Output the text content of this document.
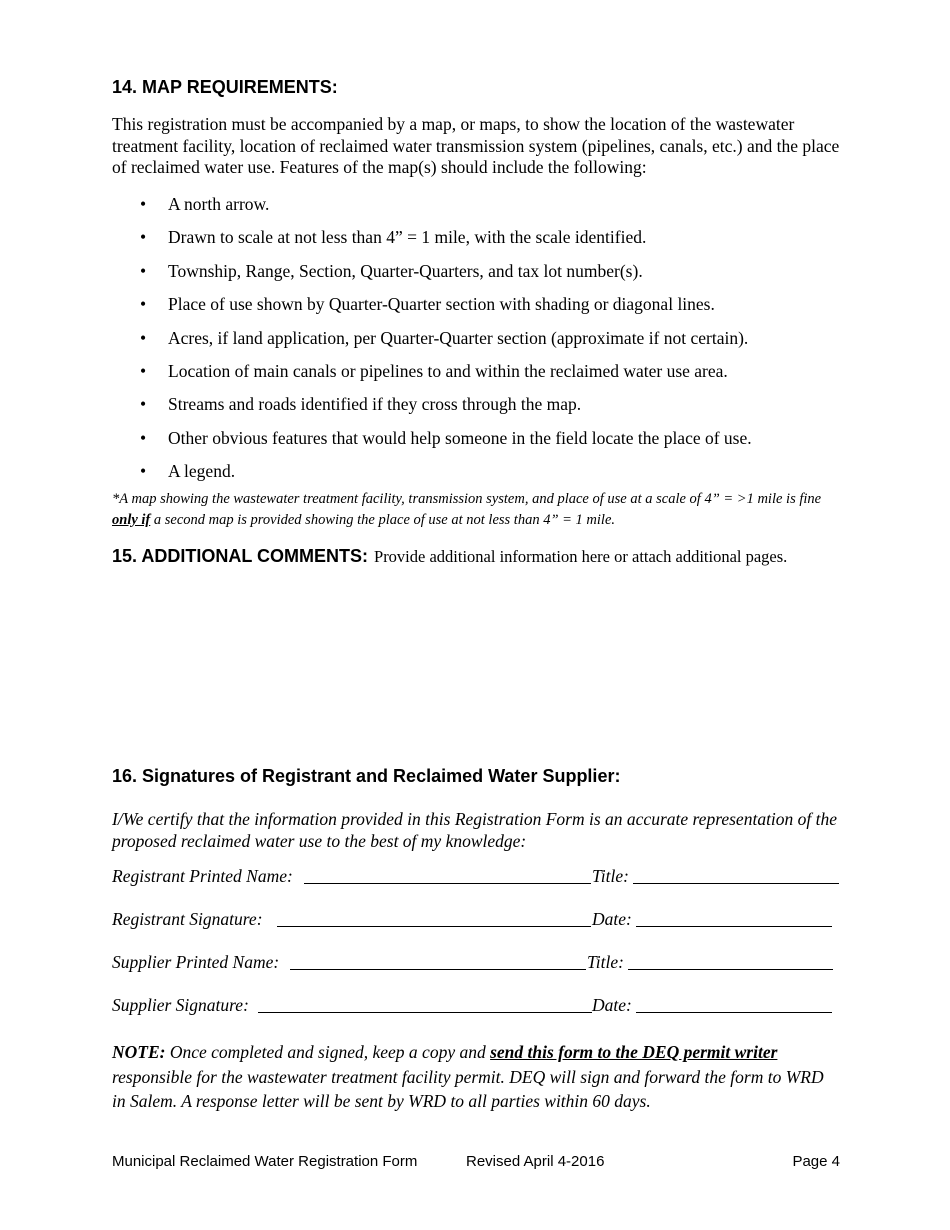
14. MAP REQUIREMENTS:
This registration must be accompanied by a map, or maps, to show the location of the wastewater treatment facility, location of reclaimed water transmission system (pipelines, canals, etc.) and the place of reclaimed water use. Features of the map(s) should include the following:
• A north arrow.
• Drawn to scale at not less than 4” = 1 mile, with the scale identified.
• Township, Range, Section, Quarter-Quarters, and tax lot number(s).
• Place of use shown by Quarter-Quarter section with shading or diagonal lines.
• Acres, if land application, per Quarter-Quarter section (approximate if not certain).
• Location of main canals or pipelines to and within the reclaimed water use area.
• Streams and roads identified if they cross through the map.
• Other obvious features that would help someone in the field locate the place of use.
• A legend.
*A map showing the wastewater treatment facility, transmission system, and place of use at a scale of 4” = >1 mile is fine only if a second map is provided showing the place of use at not less than 4” = 1 mile.
15. ADDITIONAL COMMENTS: Provide additional information here or attach additional pages.
16. Signatures of Registrant and Reclaimed Water Supplier:
I/We certify that the information provided in this Registration Form is an accurate representation of the proposed reclaimed water use to the best of my knowledge:
Registrant Printed Name:	Title:
Registrant Signature:	Date:
Supplier Printed Name:	Title:
Supplier Signature:	Date:
NOTE: Once completed and signed, keep a copy and send this form to the DEQ permit writer responsible for the wastewater treatment facility permit. DEQ will sign and forward the form to WRD in Salem. A response letter will be sent by WRD to all parties within 60 days.
Municipal Reclaimed Water Registration Form	Revised April 4-2016	Page 4
